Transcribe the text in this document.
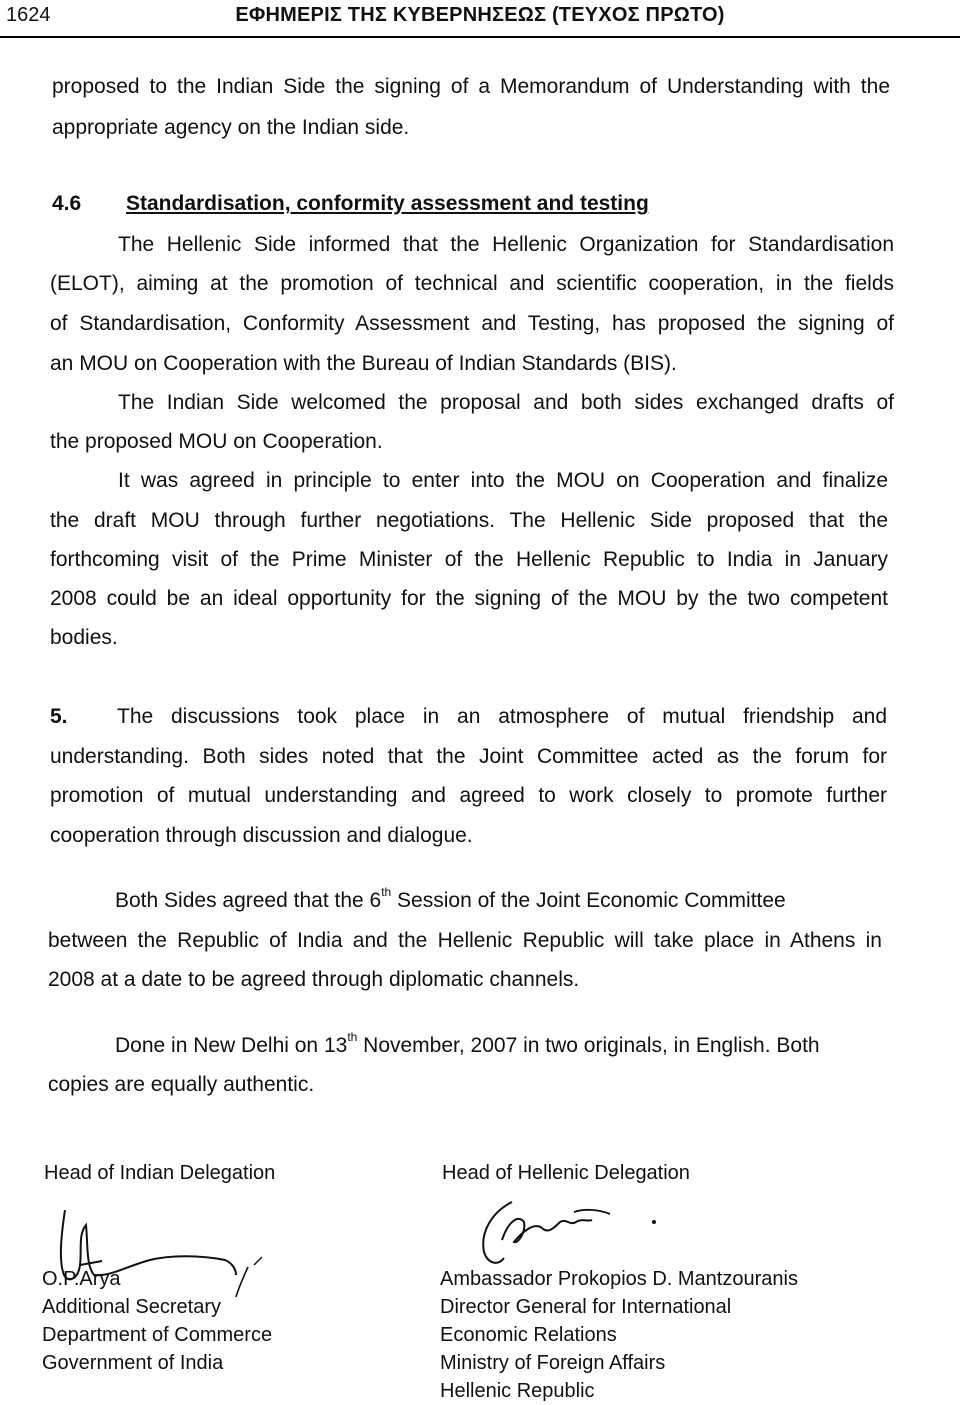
1624	ΕΦΗΜΕΡΙΣ ΤΗΣ ΚΥΒΕΡΝΗΣΕΩΣ (ΤΕΥΧΟΣ ΠΡΩΤΟ)
proposed to the Indian Side the signing of a Memorandum of Understanding with the
appropriate agency on the Indian side.
4.6 Standardisation, conformity assessment and testing
The Hellenic Side informed that the Hellenic Organization for Standardisation
(ELOT), aiming at the promotion of technical and scientific cooperation, in the fields
of Standardisation, Conformity Assessment and Testing, has proposed the signing of
an MOU on Cooperation with the Bureau of Indian Standards (BIS).
The Indian Side welcomed the proposal and both sides exchanged drafts of
the proposed MOU on Cooperation.
It was agreed in principle to enter into the MOU on Cooperation and finalize
the draft MOU through further negotiations. The Hellenic Side proposed that the
forthcoming visit of the Prime Minister of the Hellenic Republic to India in January
2008 could be an ideal opportunity for the signing of the MOU by the two competent
bodies.
5. The discussions took place in an atmosphere of mutual friendship and
understanding. Both sides noted that the Joint Committee acted as the forum for
promotion of mutual understanding and agreed to work closely to promote further
cooperation through discussion and dialogue.
Both Sides agreed that the 6th Session of the Joint Economic Committee
between the Republic of India and the Hellenic Republic will take place in Athens in
2008 at a date to be agreed through diplomatic channels.
Done in New Delhi on 13th November, 2007 in two originals, in English. Both
copies are equally authentic.
Head of Indian Delegation
O.P.Arya
Additional Secretary
Department of Commerce
Government of India
Head of Hellenic Delegation
Ambassador Prokopios D. Mantzouranis
Director General for International
Economic Relations
Ministry of Foreign Affairs
Hellenic Republic
